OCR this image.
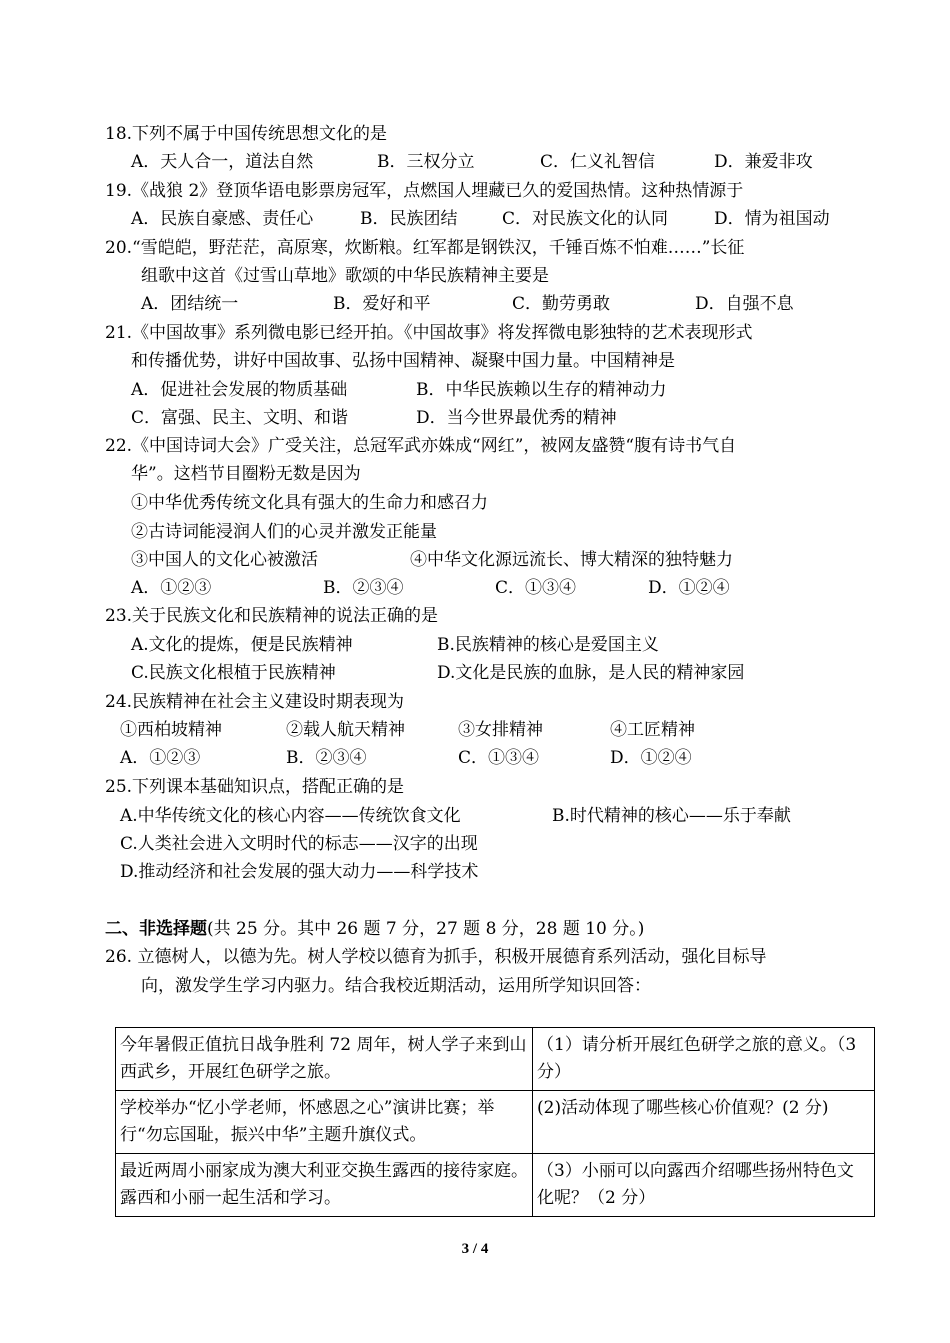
18.下列不属于中国传统思想文化的是
A．天人合一，道法自然	B．三权分立	C．仁义礼智信	D．兼爱非攻
19.《战狼 2》登顶华语电影票房冠军，点燃国人埋藏已久的爱国热情。这种热情源于
A．民族自豪感、责任心	B．民族团结	C．对民族文化的认同	D．情为祖国动
20.“雪皑皑，野茫茫，高原寒，炊断粮。红军都是钢铁汉，千锤百炼不怕难……”长征
组歌中这首《过雪山草地》歌颂的中华民族精神主要是
A．团结统一	B．爱好和平	C．勤劳勇敢	D．自强不息
21.《中国故事》系列微电影已经开拍。《中国故事》将发挥微电影独特的艺术表现形式
和传播优势，讲好中国故事、弘扬中国精神、凝聚中国力量。中国精神是
A．促进社会发展的物质基础	B．中华民族赖以生存的精神动力
C．富强、民主、文明、和谐	D．当今世界最优秀的精神
22.《中国诗词大会》广受关注，总冠军武亦姝成“网红”，被网友盛赞“腹有诗书气自
华”。这档节目圈粉无数是因为
①中华优秀传统文化具有强大的生命力和感召力
②古诗词能浸润人们的心灵并激发正能量
③中国人的文化心被激活	④中华文化源远流长、博大精深的独特魅力
A．①②③	B．②③④	C．①③④	D．①②④
23.关于民族文化和民族精神的说法正确的是
A.文化的提炼，便是民族精神	B.民族精神的核心是爱国主义
C.民族文化根植于民族精神	D.文化是民族的血脉，是人民的精神家园
24.民族精神在社会主义建设时期表现为
①西柏坡精神	②载人航天精神	③女排精神	④工匠精神
A．①②③	B．②③④	C．①③④	D．①②④
25.下列课本基础知识点，搭配正确的是
A.中华传统文化的核心内容——传统饮食文化	B.时代精神的核心——乐于奉献
C.人类社会进入文明时代的标志——汉字的出现
D.推动经济和社会发展的强大动力——科学技术
二、非选择题(共 25 分。其中 26 题 7 分，27 题 8 分，28 题 10 分。)
26. 立德树人，以德为先。树人学校以德育为抓手，积极开展德育系列活动，强化目标导
向，激发学生学习内驱力。结合我校近期活动，运用所学知识回答：
今年暑假正值抗日战争胜利 72 周年，树人学子来到山西武乡，开展红色研学之旅。	（1）请分析开展红色研学之旅的意义。（3 分）
学校举办“忆小学老师，怀感恩之心”演讲比赛；举行“勿忘国耻，振兴中华”主题升旗仪式。	(2)活动体现了哪些核心价值观？(2 分)
最近两周小丽家成为澳大利亚交换生露西的接待家庭。露西和小丽一起生活和学习。	（3）小丽可以向露西介绍哪些扬州特色文化呢？（2 分）
3 / 4
